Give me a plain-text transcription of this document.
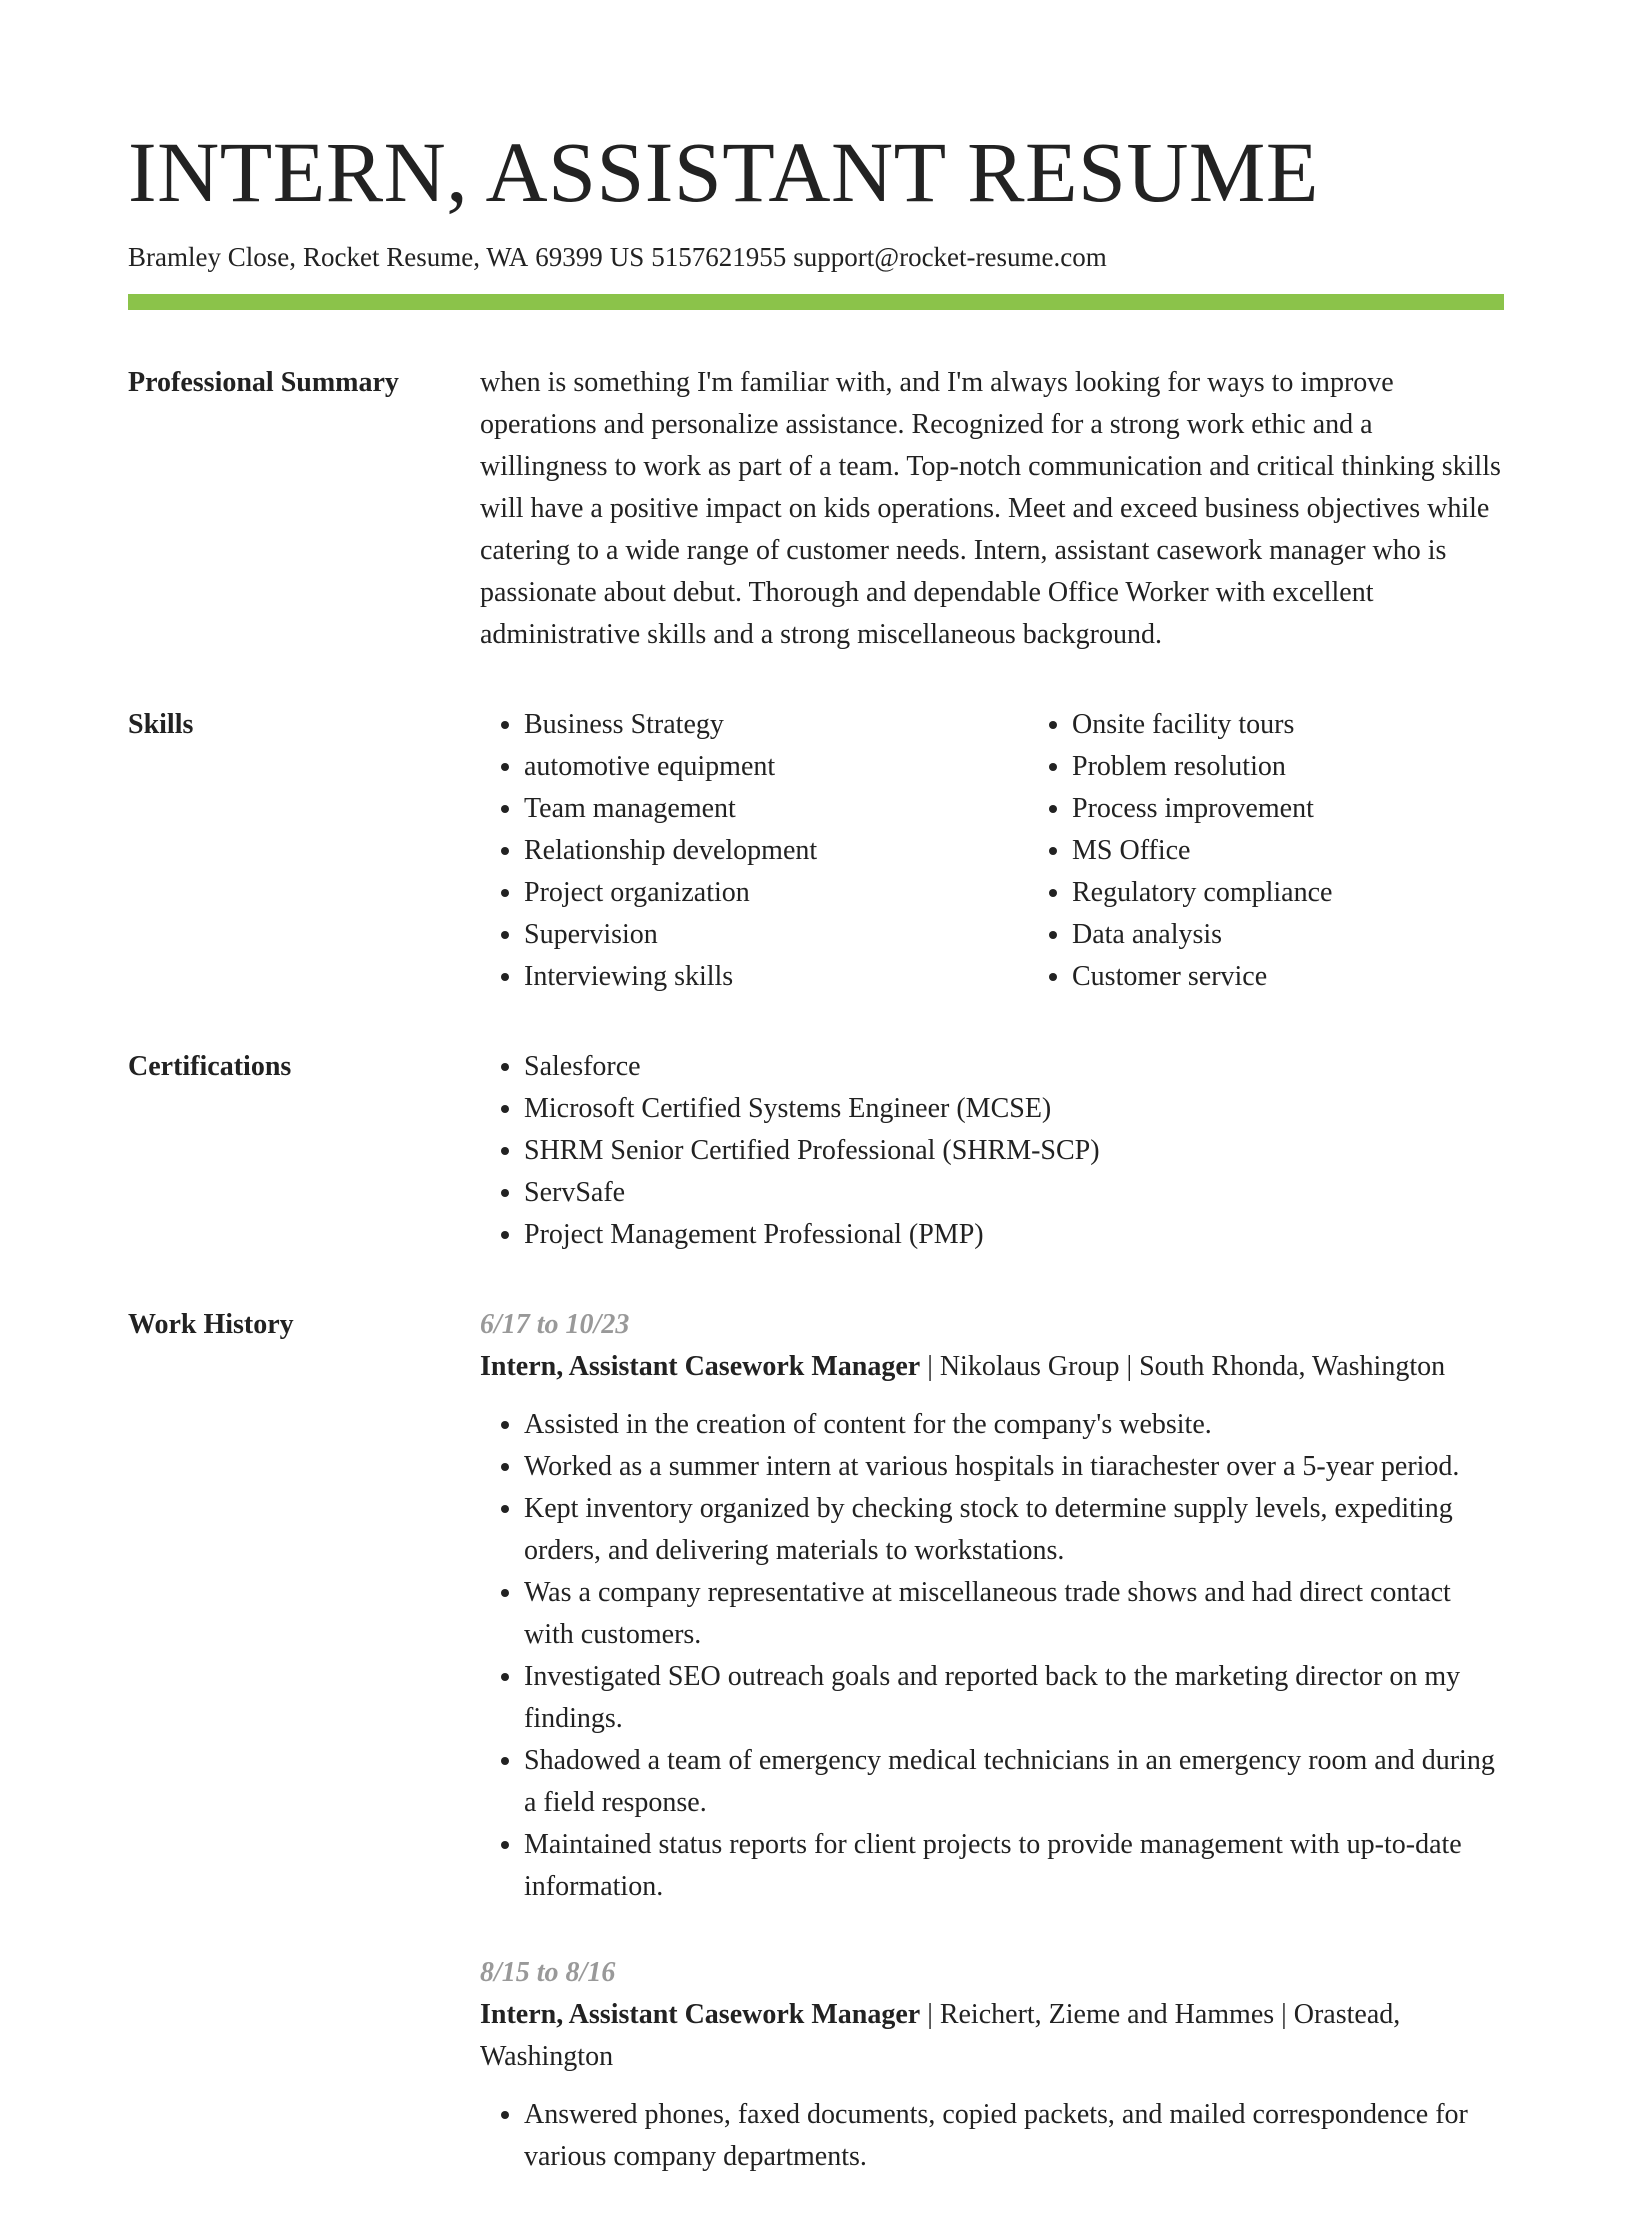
INTERN, ASSISTANT RESUME
Bramley Close, Rocket Resume, WA 69399 US 5157621955 support@rocket-resume.com
Professional Summary	when is something I'm familiar with, and I'm always looking for ways to improve operations and personalize assistance. Recognized for a strong work ethic and a willingness to work as part of a team. Top-notch communication and critical thinking skills will have a positive impact on kids operations. Meet and exceed business objectives while catering to a wide range of customer needs. Intern, assistant casework manager who is passionate about debut. Thorough and dependable Office Worker with excellent administrative skills and a strong miscellaneous background.

Skills	• Business Strategy
• automotive equipment
• Team management
• Relationship development
• Project organization
• Supervision
• Interviewing skills
• Onsite facility tours
• Problem resolution
• Process improvement
• MS Office
• Regulatory compliance
• Data analysis
• Customer service
Certifications	• Salesforce
• Microsoft Certified Systems Engineer (MCSE)
• SHRM Senior Certified Professional (SHRM-SCP)
• ServSafe
• Project Management Professional (PMP)
Work History	6/17 to 10/23
Intern, Assistant Casework Manager | Nikolaus Group | South Rhonda, Washington
• Assisted in the creation of content for the company's website.
• Worked as a summer intern at various hospitals in tiarachester over a 5-year period.
• Kept inventory organized by checking stock to determine supply levels, expediting orders, and delivering materials to workstations.
• Was a company representative at miscellaneous trade shows and had direct contact with customers.
• Investigated SEO outreach goals and reported back to the marketing director on my findings.
• Shadowed a team of emergency medical technicians in an emergency room and during a field response.
• Maintained status reports for client projects to provide management with up-to-date information.
8/15 to 8/16
Intern, Assistant Casework Manager | Reichert, Zieme and Hammes | Orastead, Washington
• Answered phones, faxed documents, copied packets, and mailed correspondence for various company departments.
